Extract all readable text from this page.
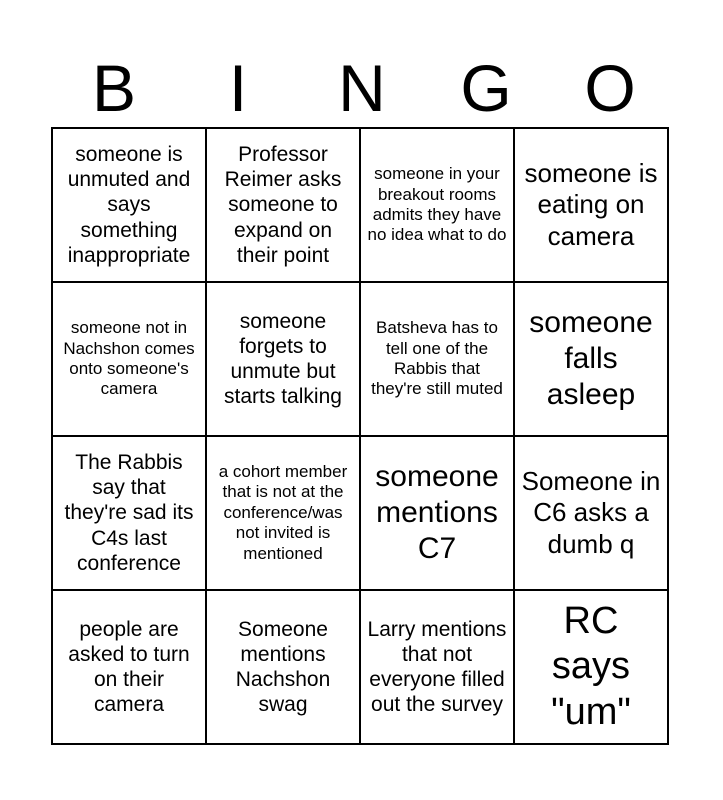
B	I	N	G	O
someone is unmuted and says something inappropriate	Professor Reimer asks someone to expand on their point	someone in your breakout rooms admits they have no idea what to do	someone is eating on camera
someone not in Nachshon comes onto someone's camera	someone forgets to unmute but starts talking	Batsheva has to tell one of the Rabbis that they're still muted	someone falls asleep
The Rabbis say that they're sad its C4s last conference	a cohort member that is not at the conference/was not invited is mentioned	someone mentions C7	Someone in C6 asks a dumb q
people are asked to turn on their camera	Someone mentions Nachshon swag	Larry mentions that not everyone filled out the survey	RC says "um"
